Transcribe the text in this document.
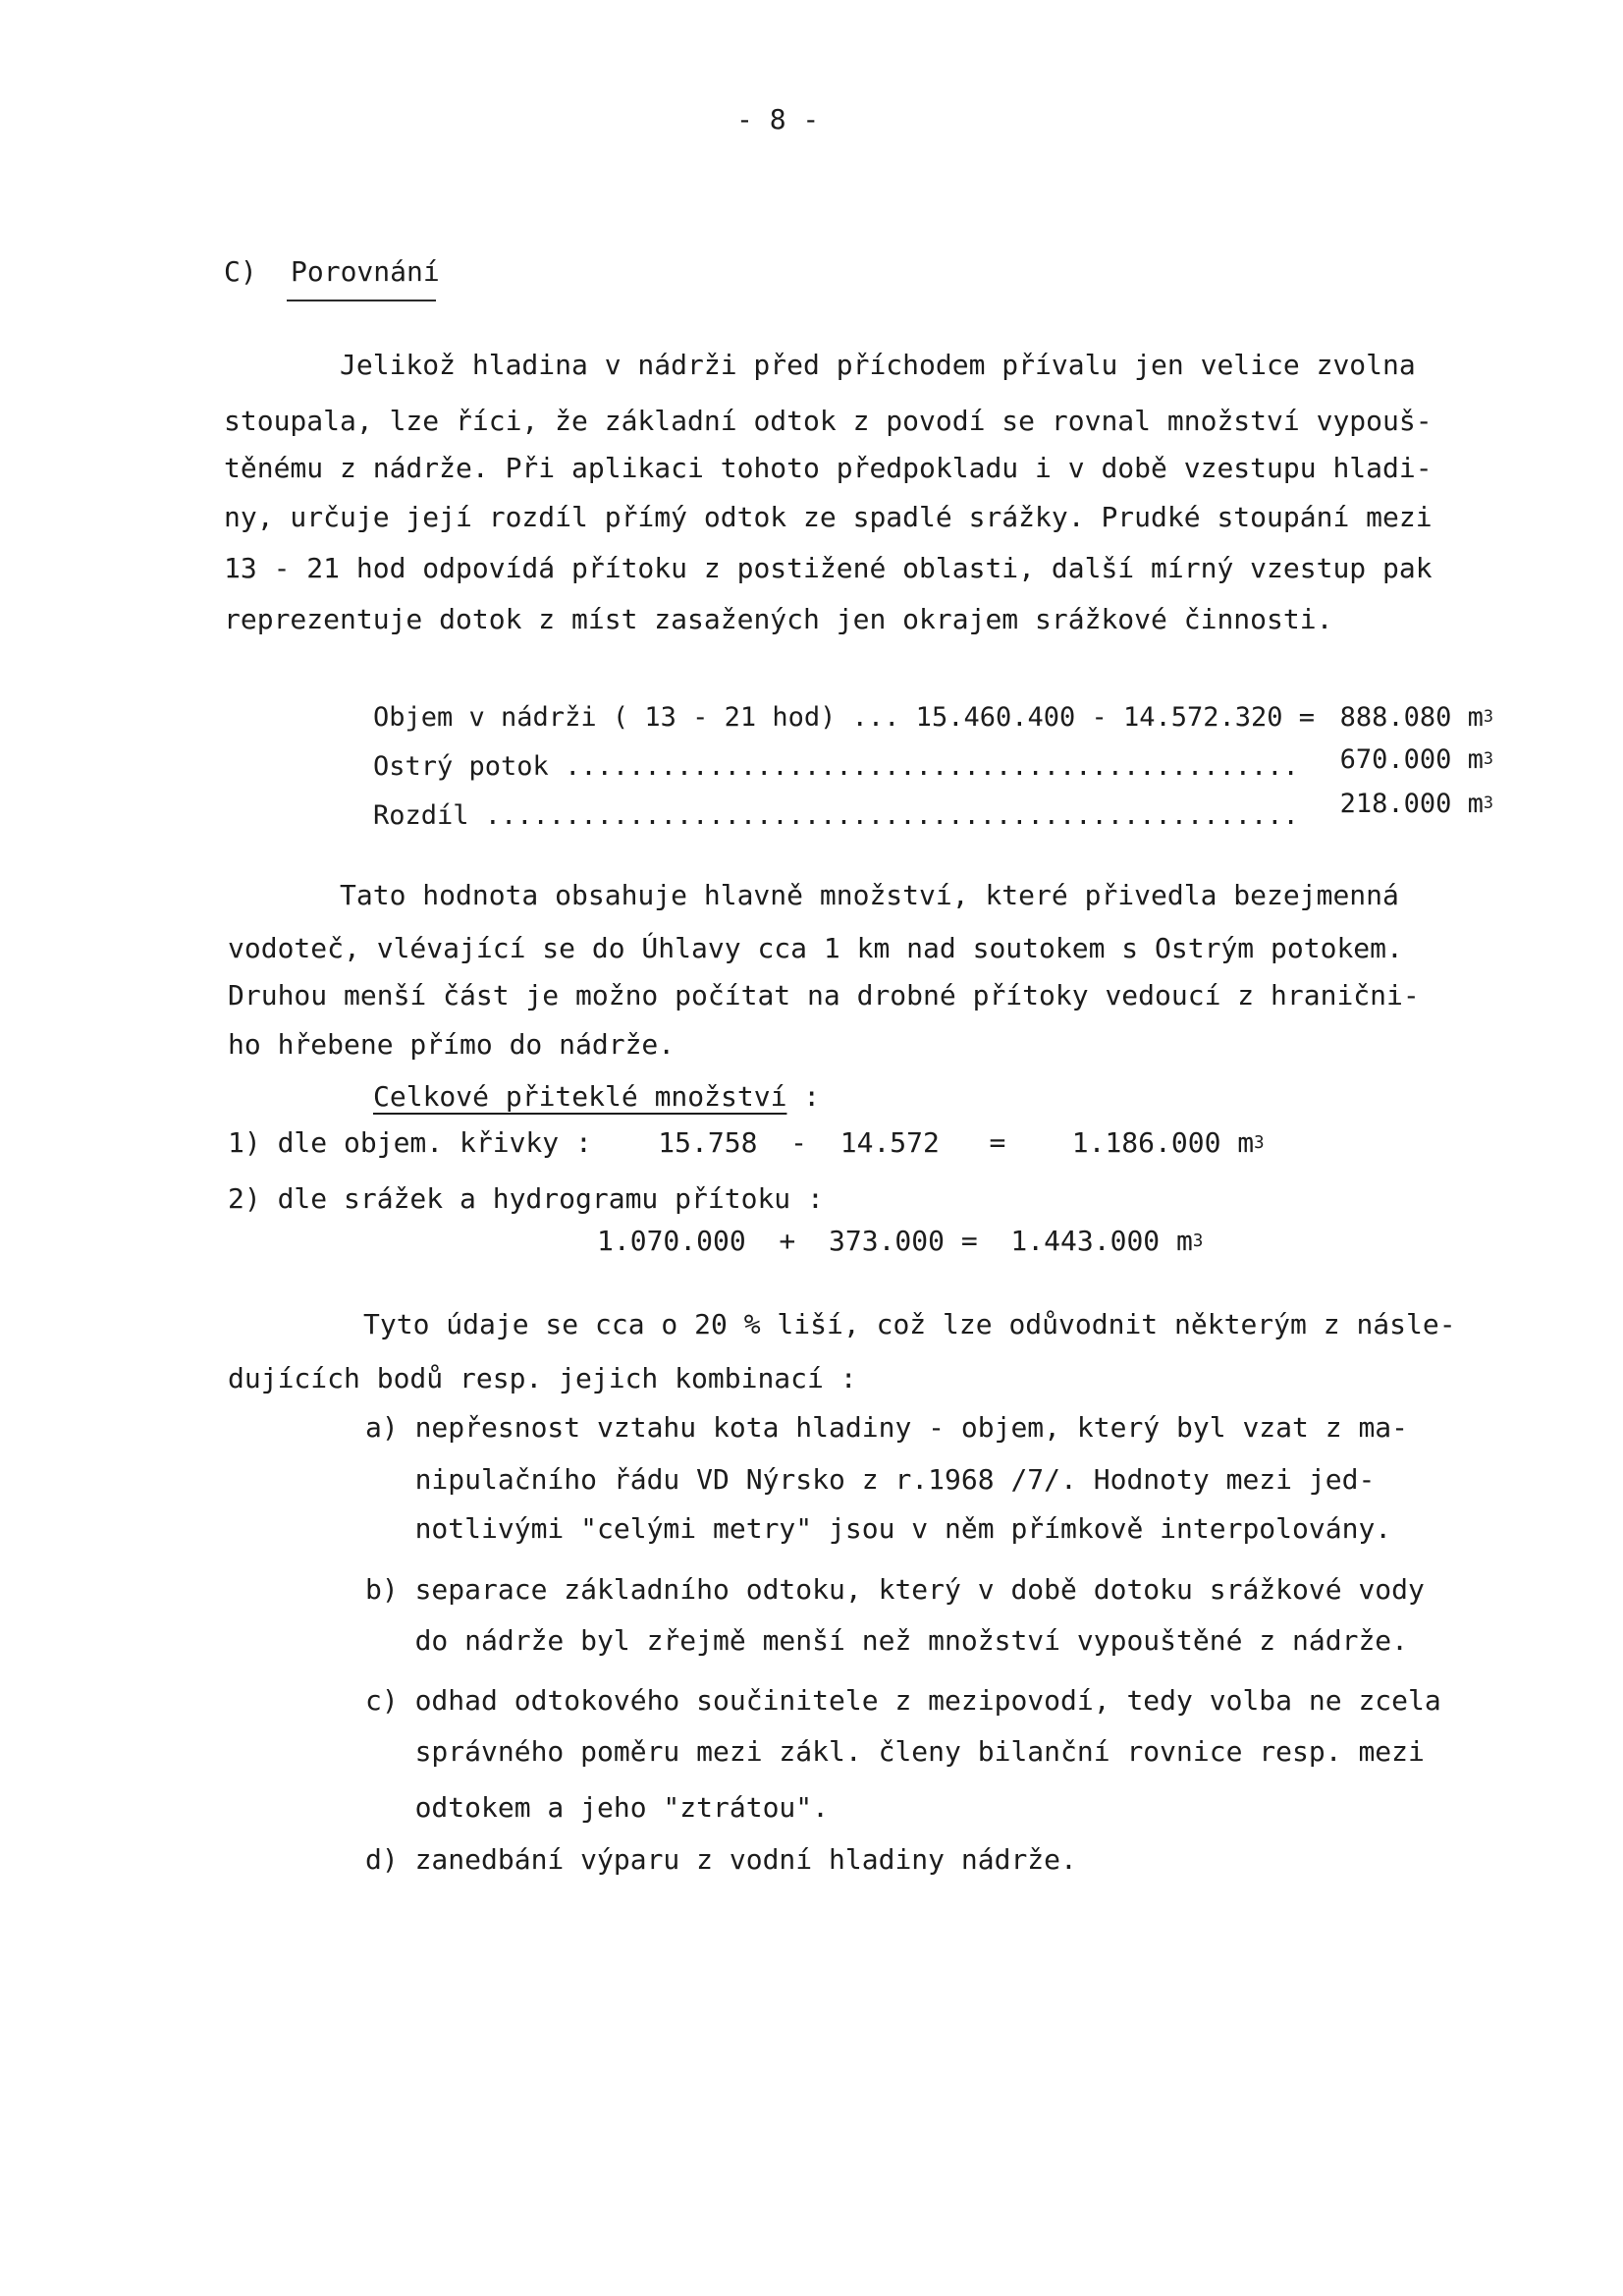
- 8 -
C) Porovnání
Jelikož hladina v nádrži před příchodem přívalu jen velice zvolna
stoupala, lze říci, že základní odtok z povodí se rovnal množství vypouš-
těnému z nádrže. Při aplikaci tohoto předpokladu i v době vzestupu hladi-
ny, určuje její rozdíl přímý odtok ze spadlé srážky. Prudké stoupání mezi
13 - 21 hod odpovídá přítoku z postižené oblasti, další mírný vzestup pak
reprezentuje dotok z míst zasažených jen okrajem srážkové činnosti.
Objem v nádrži ( 13 - 21 hod) ... 15.460.400 - 14.572.320 = 888.080 $m^3$
Ostrý potok .............................................. 670.000 $m^3$
Rozdíl ................................................... 218.000 $m^3$
Tato hodnota obsahuje hlavně množství, které přivedla bezejmenná
vodoteč, vlévající se do Úhlavy cca 1 km nad soutokem s Ostrým potokem.
Druhou menší část je možno počítat na drobné přítoky vedoucí z hranični-
ho hřebene přímo do nádrže.
Celkové přiteklé množství :
1) dle objem. křivky :    15.758  -  14.572   =    1.186.000 $m^3$
2) dle srážek a hydrogramu přítoku :
1.070.000  +  373.000 =  1.443.000 $m^3$
Tyto údaje se cca o 20 % liší, což lze odůvodnit některým z násle-
dujících bodů resp. jejich kombinací :
a) nepřesnost vztahu kota hladiny - objem, který byl vzat z ma-
nipulačního řádu VD Nýrsko z r.1968 /7/. Hodnoty mezi jed-
notlivými "celými metry" jsou v něm přímkově interpolovány.
b) separace základního odtoku, který v době dotoku srážkové vody
do nádrže byl zřejmě menší než množství vypouštěné z nádrže.
c) odhad odtokového součinitele z mezipovodí, tedy volba ne zcela
správného poměru mezi zákl. členy bilanční rovnice resp. mezi
odtokem a jeho "ztrátou".
d) zanedbání výparu z vodní hladiny nádrže.
